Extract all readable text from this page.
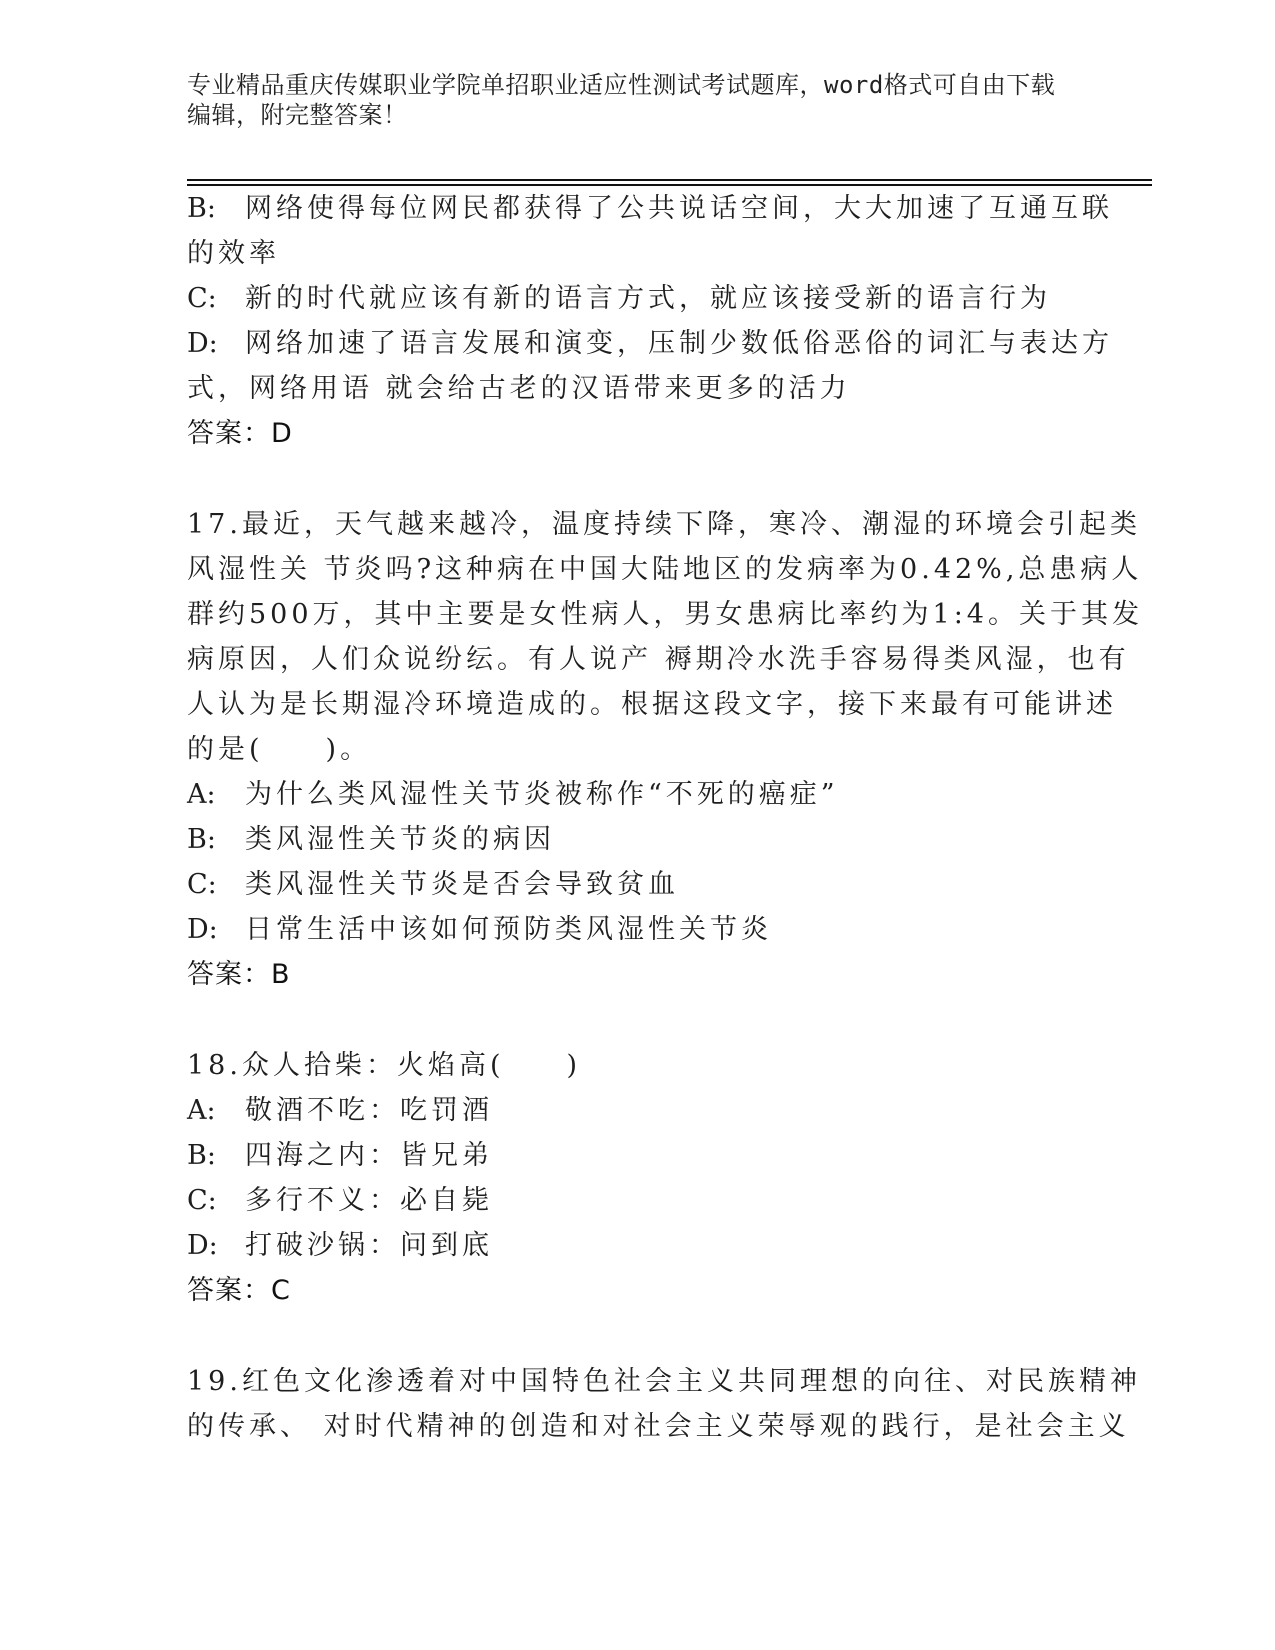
专业精品重庆传媒职业学院单招职业适应性测试考试题库，word格式可自由下载
编辑，附完整答案！
B: 网络使得每位网民都获得了公共说话空间，大大加速了互通互联
的效率
C: 新的时代就应该有新的语言方式，就应该接受新的语言行为
D: 网络加速了语言发展和演变，压制少数低俗恶俗的词汇与表达方
式，网络用语 就会给古老的汉语带来更多的活力
答案：D
17.最近，天气越来越冷，温度持续下降，寒冷、潮湿的环境会引起类
风湿性关 节炎吗?这种病在中国大陆地区的发病率为0.42%,总患病人
群约500万，其中主要是女性病人，男女患病比率约为1:4。关于其发
病原因，人们众说纷纭。有人说产 褥期冷水洗手容易得类风湿，也有
人认为是长期湿冷环境造成的。根据这段文字，接下来最有可能讲述
的是(　　)。
A: 为什么类风湿性关节炎被称作“不死的癌症”
B: 类风湿性关节炎的病因
C: 类风湿性关节炎是否会导致贫血
D: 日常生活中该如何预防类风湿性关节炎
答案：B
18.众人拾柴：火焰高(　　)
A: 敬酒不吃：吃罚酒
B: 四海之内：皆兄弟
C: 多行不义：必自毙
D: 打破沙锅：问到底
答案：C
19.红色文化渗透着对中国特色社会主义共同理想的向往、对民族精神
的传承、 对时代精神的创造和对社会主义荣辱观的践行，是社会主义
